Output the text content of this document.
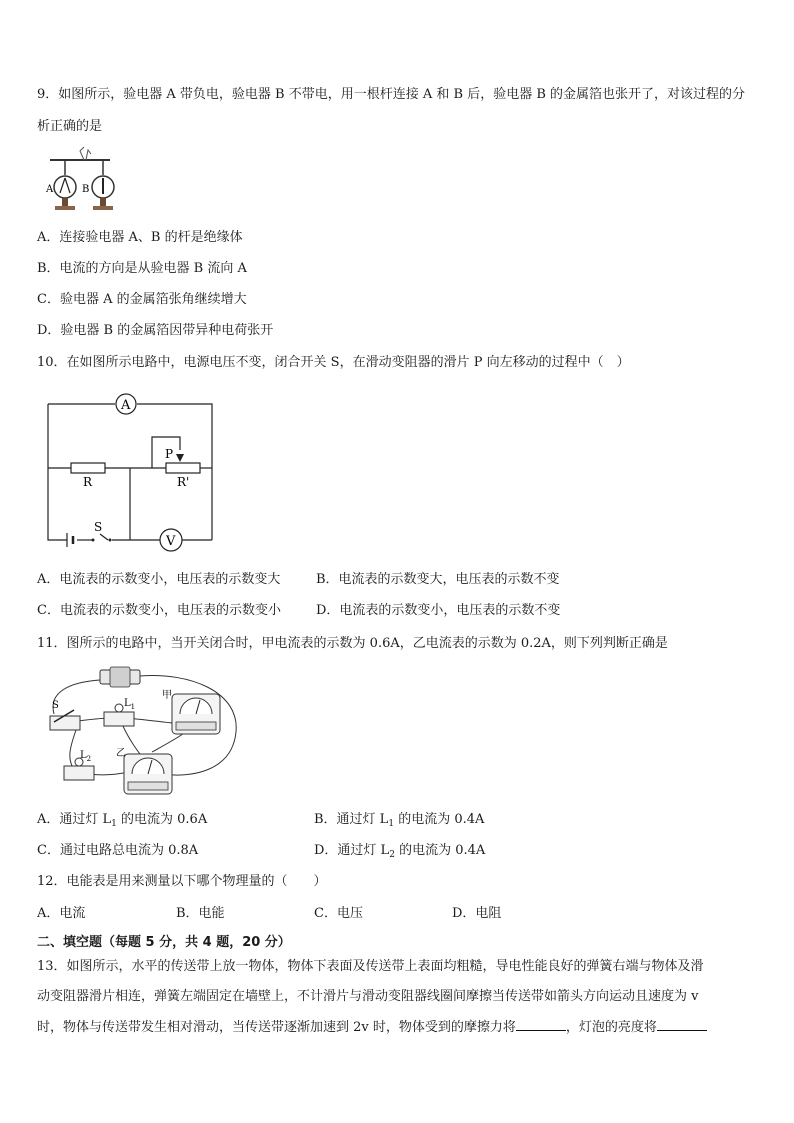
9．如图所示，验电器 A 带负电，验电器 B 不带电，用一根杆连接 A 和 B 后，验电器 B 的金属箔也张开了，对该过程的分析正确的是
A	B
A．连接验电器 A、B 的杆是绝缘体
B．电流的方向是从验电器 B 流向 A
C．验电器 A 的金属箔张角继续增大
D．验电器 B 的金属箔因带异种电荷张开
10．在如图所示电路中，电源电压不变，闭合开关 S，在滑动变阻器的滑片 P 向左移动的过程中（　）
A
R
P
R'
S
V
A．电流表的示数变小，电压表的示数变大	B．电流表的示数变大，电压表的示数不变
C．电流表的示数变小，电压表的示数变小	D．电流表的示数变小，电压表的示数不变
11．图所示的电路中，当开关闭合时，甲电流表的示数为 0.6A，乙电流表的示数为 0.2A，则下列判断正确是
S	$L_1$
甲
$L_2$ 乙
A．通过灯 $L_1$ 的电流为 0.6A	B．通过灯 $L_1$ 的电流为 0.4A
C．通过电路总电流为 0.8A	D．通过灯 $L_2$ 的电流为 0.4A
12．电能表是用来测量以下哪个物理量的（　　）
A．电流	B．电能	C．电压	D．电阻
二、填空题（每题 5 分，共 4 题，20 分）
13．如图所示，水平的传送带上放一物体，物体下表面及传送带上表面均粗糙，导电性能良好的弹簧右端与物体及滑
动变阻器滑片相连，弹簧左端固定在墙壁上，不计滑片与滑动变阻器线圈间摩擦当传送带如箭头方向运动且速度为 v
时，物体与传送带发生相对滑动，当传送带逐渐加速到 2v 时，物体受到的摩擦力将	，灯泡的亮度将
